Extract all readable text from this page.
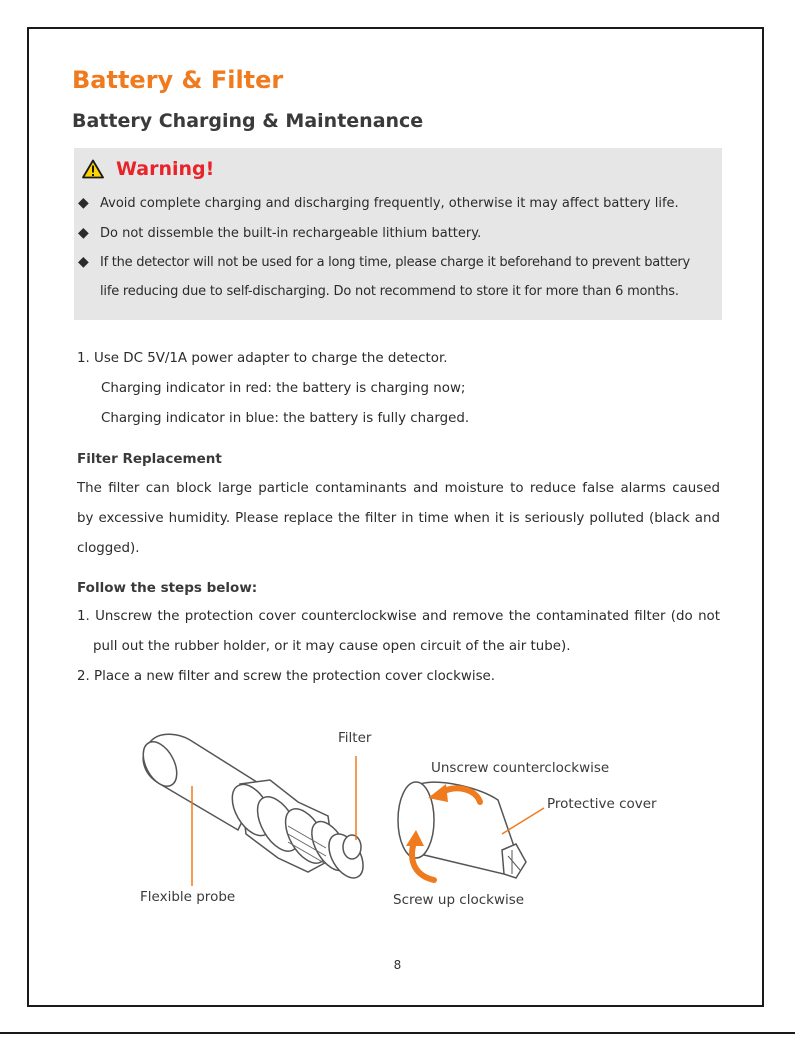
Battery & Filter
Battery Charging & Maintenance
Warning!
◆ Avoid complete charging and discharging frequently, otherwise it may affect battery life.
◆ Do not dissemble the built-in rechargeable lithium battery.
◆ If the detector will not be used for a long time, please charge it beforehand to prevent battery
life reducing due to self-discharging. Do not recommend to store it for more than 6 months.
1. Use DC 5V/1A power adapter to charge the detector.
Charging indicator in red: the battery is charging now;
Charging indicator in blue: the battery is fully charged.
Filter Replacement
The filter can block large particle contaminants and moisture to reduce false alarms caused
by excessive humidity. Please replace the filter in time when it is seriously polluted (black and
clogged).
Follow the steps below:
1. Unscrew the protection cover counterclockwise and remove the contaminated filter (do not
pull out the rubber holder, or it may cause open circuit of the air tube).
2. Place a new filter and screw the protection cover clockwise.
Filter
Unscrew counterclockwise
Protective cover
Flexible probe	Screw up clockwise
8
